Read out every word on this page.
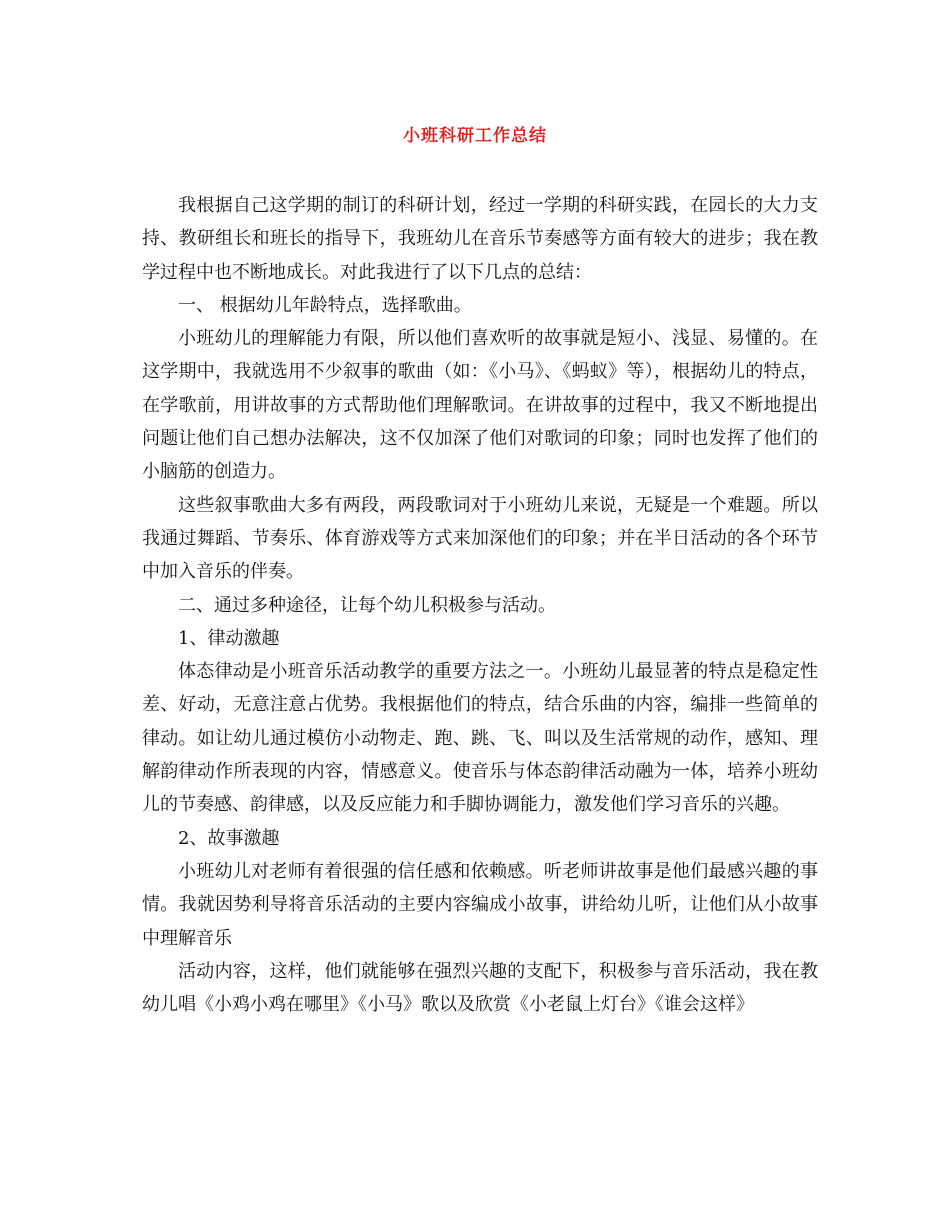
小班科研工作总结

我根据自己这学期的制订的科研计划，经过一学期的科研实践，在园长的大力支持、教研组长和班长的指导下，我班幼儿在音乐节奏感等方面有较大的进步；我在教学过程中也不断地成长。对此我进行了以下几点的总结：

一、 根据幼儿年龄特点，选择歌曲。

小班幼儿的理解能力有限，所以他们喜欢听的故事就是短小、浅显、易懂的。在这学期中，我就选用不少叙事的歌曲（如：《小马》、《蚂蚁》等），根据幼儿的特点，在学歌前，用讲故事的方式帮助他们理解歌词。在讲故事的过程中，我又不断地提出问题让他们自己想办法解决，这不仅加深了他们对歌词的印象；同时也发挥了他们的小脑筋的创造力。

这些叙事歌曲大多有两段，两段歌词对于小班幼儿来说，无疑是一个难题。所以我通过舞蹈、节奏乐、体育游戏等方式来加深他们的印象；并在半日活动的各个环节中加入音乐的伴奏。

二、通过多种途径，让每个幼儿积极参与活动。

1、律动激趣

体态律动是小班音乐活动教学的重要方法之一。小班幼儿最显著的特点是稳定性差、好动，无意注意占优势。我根据他们的特点，结合乐曲的内容，编排一些简单的律动。如让幼儿通过模仿小动物走、跑、跳、飞、叫以及生活常规的动作，感知、理解韵律动作所表现的内容，情感意义。使音乐与体态韵律活动融为一体，培养小班幼儿的节奏感、韵律感，以及反应能力和手脚协调能力，激发他们学习音乐的兴趣。

2、故事激趣

小班幼儿对老师有着很强的信任感和依赖感。听老师讲故事是他们最感兴趣的事情。我就因势利导将音乐活动的主要内容编成小故事，讲给幼儿听，让他们从小故事中理解音乐

活动内容，这样，他们就能够在强烈兴趣的支配下，积极参与音乐活动，我在教幼儿唱《小鸡小鸡在哪里》《小马》歌以及欣赏《小老鼠上灯台》《谁会这样》
